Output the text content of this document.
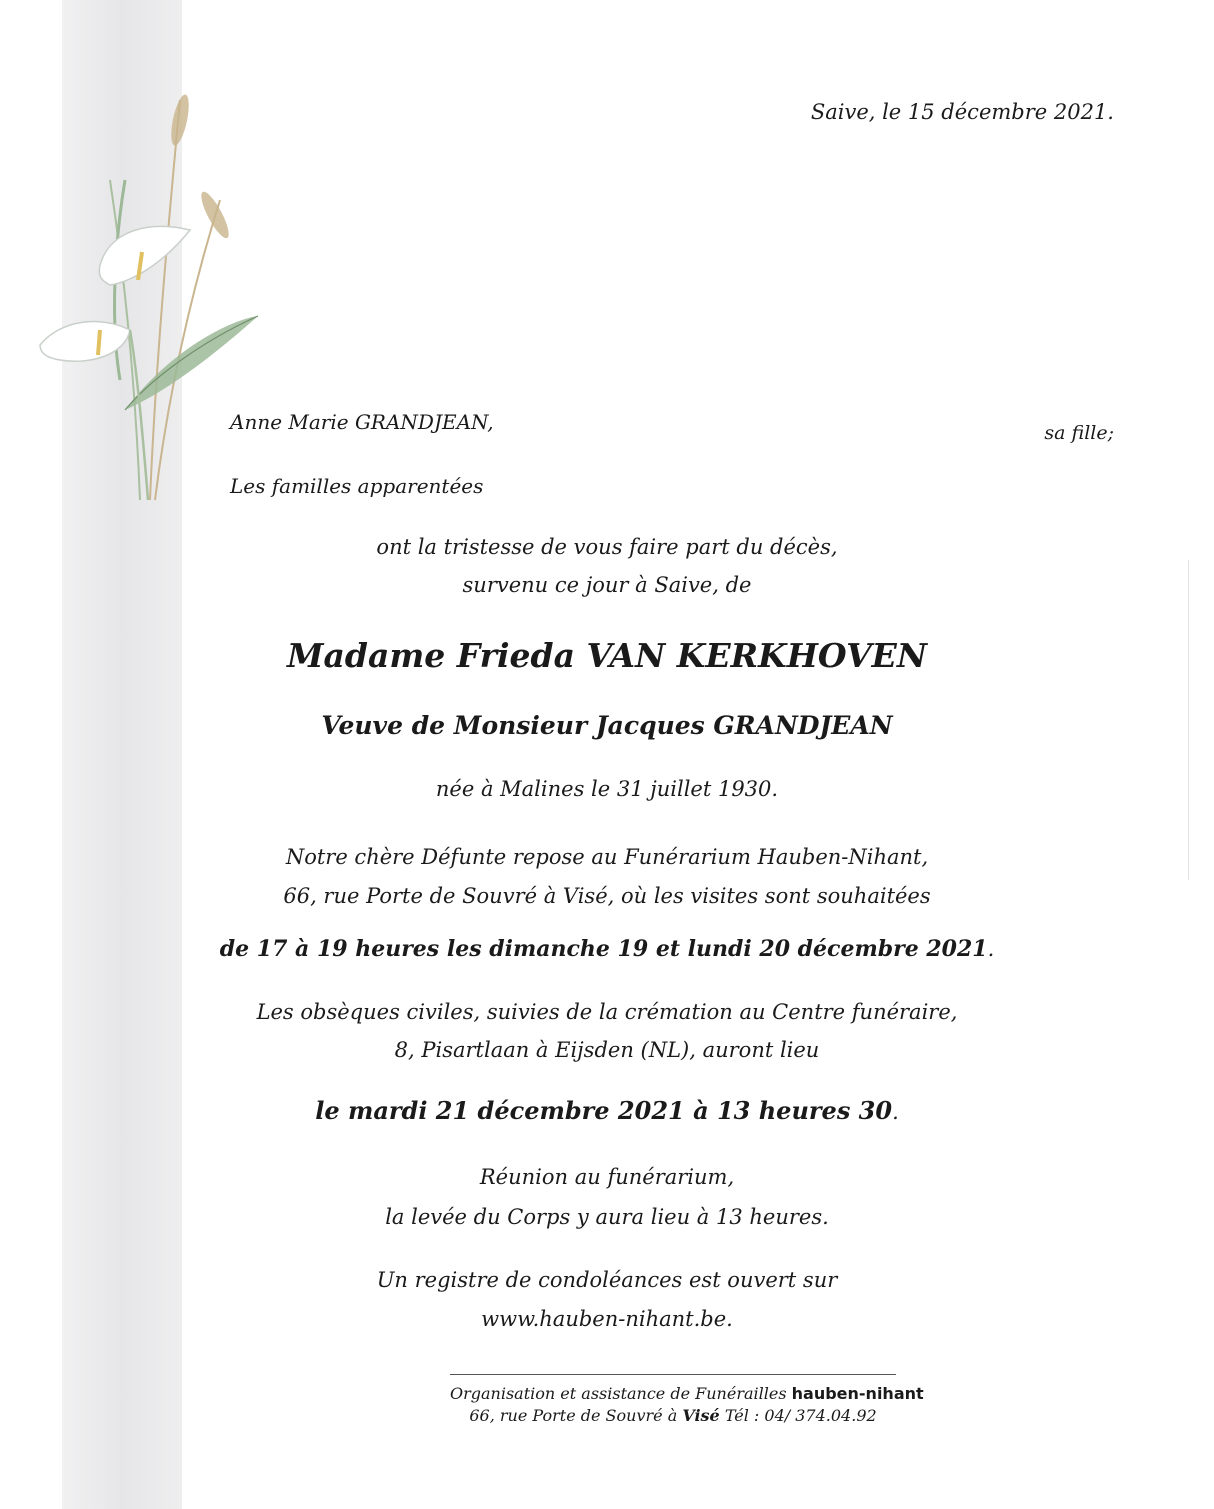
Saive, le 15 décembre 2021.
Anne Marie GRANDJEAN,	sa fille;
Les familles apparentées
ont la tristesse de vous faire part du décès,
survenu ce jour à Saive, de
Madame Frieda VAN KERKHOVEN
Veuve de Monsieur Jacques GRANDJEAN
née à Malines le 31 juillet 1930.
Notre chère Défunte repose au Funérarium Hauben-Nihant,
66, rue Porte de Souvré à Visé, où les visites sont souhaitées
de 17 à 19 heures les dimanche 19 et lundi 20 décembre 2021.
Les obsèques civiles, suivies de la crémation au Centre funéraire,
8, Pisartlaan à Eijsden (NL), auront lieu
le mardi 21 décembre 2021 à 13 heures 30.
Réunion au funérarium,
la levée du Corps y aura lieu à 13 heures.
Un registre de condoléances est ouvert sur
www.hauben-nihant.be.
Organisation et assistance de Funérailles hauben-nihant
66, rue Porte de Souvré à Visé Tél : 04/ 374.04.92
